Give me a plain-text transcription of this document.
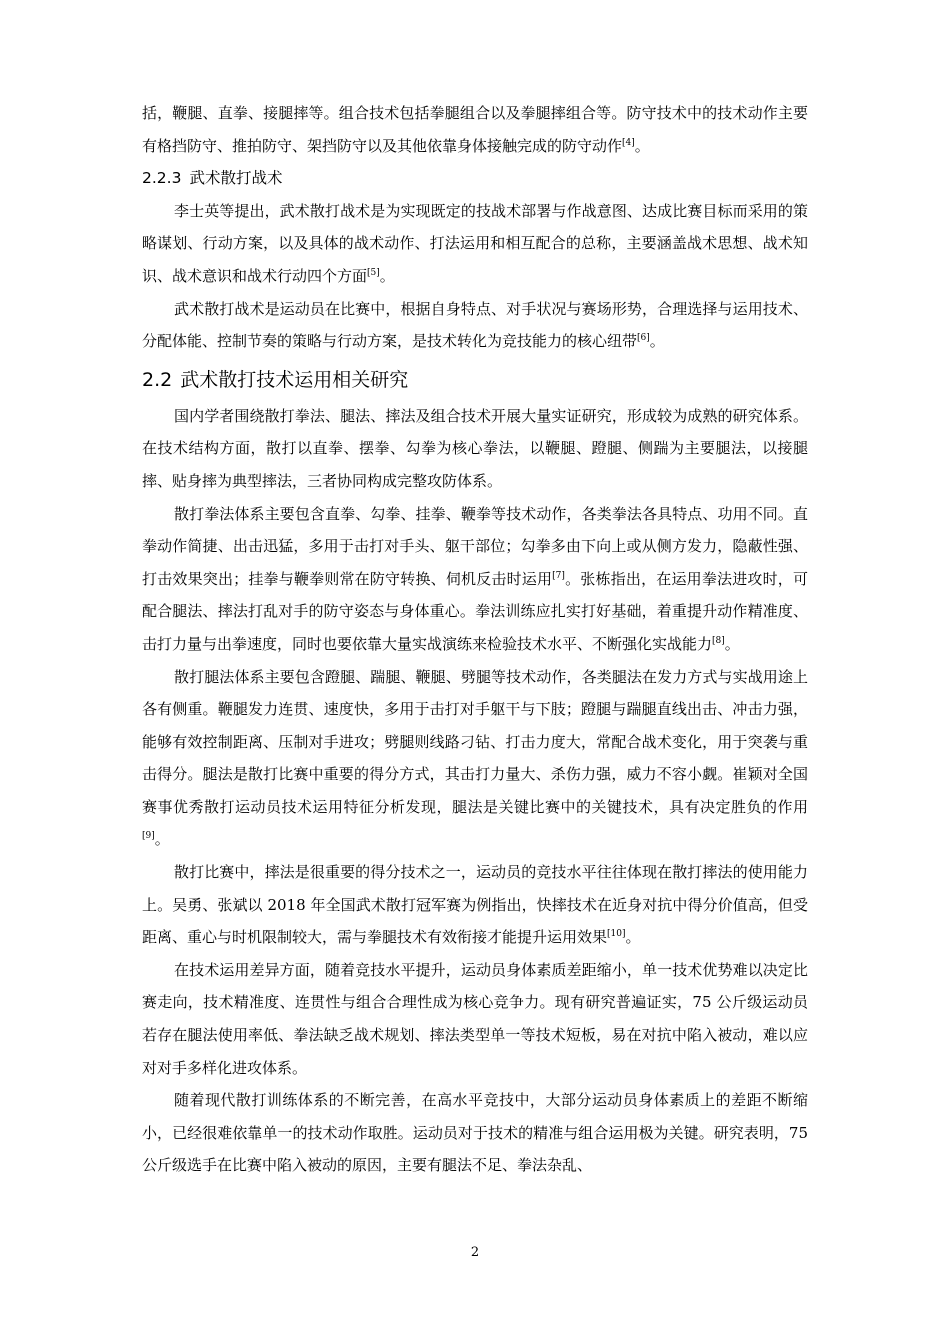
括，鞭腿、直拳、接腿摔等。组合技术包括拳腿组合以及拳腿摔组合等。防守技术中的技术动作主要有格挡防守、推拍防守、架挡防守以及其他依靠身体接触完成的防守动作[4]。

2.2.3 武术散打战术

李士英等提出，武术散打战术是为实现既定的技战术部署与作战意图、达成比赛目标而采用的策略谋划、行动方案，以及具体的战术动作、打法运用和相互配合的总称，主要涵盖战术思想、战术知识、战术意识和战术行动四个方面[5]。

武术散打战术是运动员在比赛中，根据自身特点、对手状况与赛场形势，合理选择与运用技术、分配体能、控制节奏的策略与行动方案，是技术转化为竞技能力的核心纽带[6]。

2.2 武术散打技术运用相关研究

国内学者围绕散打拳法、腿法、摔法及组合技术开展大量实证研究，形成较为成熟的研究体系。在技术结构方面，散打以直拳、摆拳、勾拳为核心拳法，以鞭腿、蹬腿、侧踹为主要腿法，以接腿摔、贴身摔为典型摔法，三者协同构成完整攻防体系。

散打拳法体系主要包含直拳、勾拳、挂拳、鞭拳等技术动作，各类拳法各具特点、功用不同。直拳动作简捷、出击迅猛，多用于击打对手头、躯干部位；勾拳多由下向上或从侧方发力，隐蔽性强、打击效果突出；挂拳与鞭拳则常在防守转换、伺机反击时运用[7]。张栋指出，在运用拳法进攻时，可配合腿法、摔法打乱对手的防守姿态与身体重心。拳法训练应扎实打好基础，着重提升动作精准度、击打力量与出拳速度，同时也要依靠大量实战演练来检验技术水平、不断强化实战能力[8]。

散打腿法体系主要包含蹬腿、踹腿、鞭腿、劈腿等技术动作，各类腿法在发力方式与实战用途上各有侧重。鞭腿发力连贯、速度快，多用于击打对手躯干与下肢；蹬腿与踹腿直线出击、冲击力强，能够有效控制距离、压制对手进攻；劈腿则线路刁钻、打击力度大，常配合战术变化，用于突袭与重击得分。腿法是散打比赛中重要的得分方式，其击打力量大、杀伤力强，威力不容小觑。崔颖对全国赛事优秀散打运动员技术运用特征分析发现，腿法是关键比赛中的关键技术，具有决定胜负的作用[9]。

散打比赛中，摔法是很重要的得分技术之一，运动员的竞技水平往往体现在散打摔法的使用能力上。吴勇、张斌以 2018 年全国武术散打冠军赛为例指出，快摔技术在近身对抗中得分价值高，但受距离、重心与时机限制较大，需与拳腿技术有效衔接才能提升运用效果[10]。

在技术运用差异方面，随着竞技水平提升，运动员身体素质差距缩小，单一技术优势难以决定比赛走向，技术精准度、连贯性与组合合理性成为核心竞争力。现有研究普遍证实，75 公斤级运动员若存在腿法使用率低、拳法缺乏战术规划、摔法类型单一等技术短板，易在对抗中陷入被动，难以应对对手多样化进攻体系。

随着现代散打训练体系的不断完善，在高水平竞技中，大部分运动员身体素质上的差距不断缩小，已经很难依靠单一的技术动作取胜。运动员对于技术的精准与组合运用极为关键。研究表明，75 公斤级选手在比赛中陷入被动的原因，主要有腿法不足、拳法杂乱、

2
